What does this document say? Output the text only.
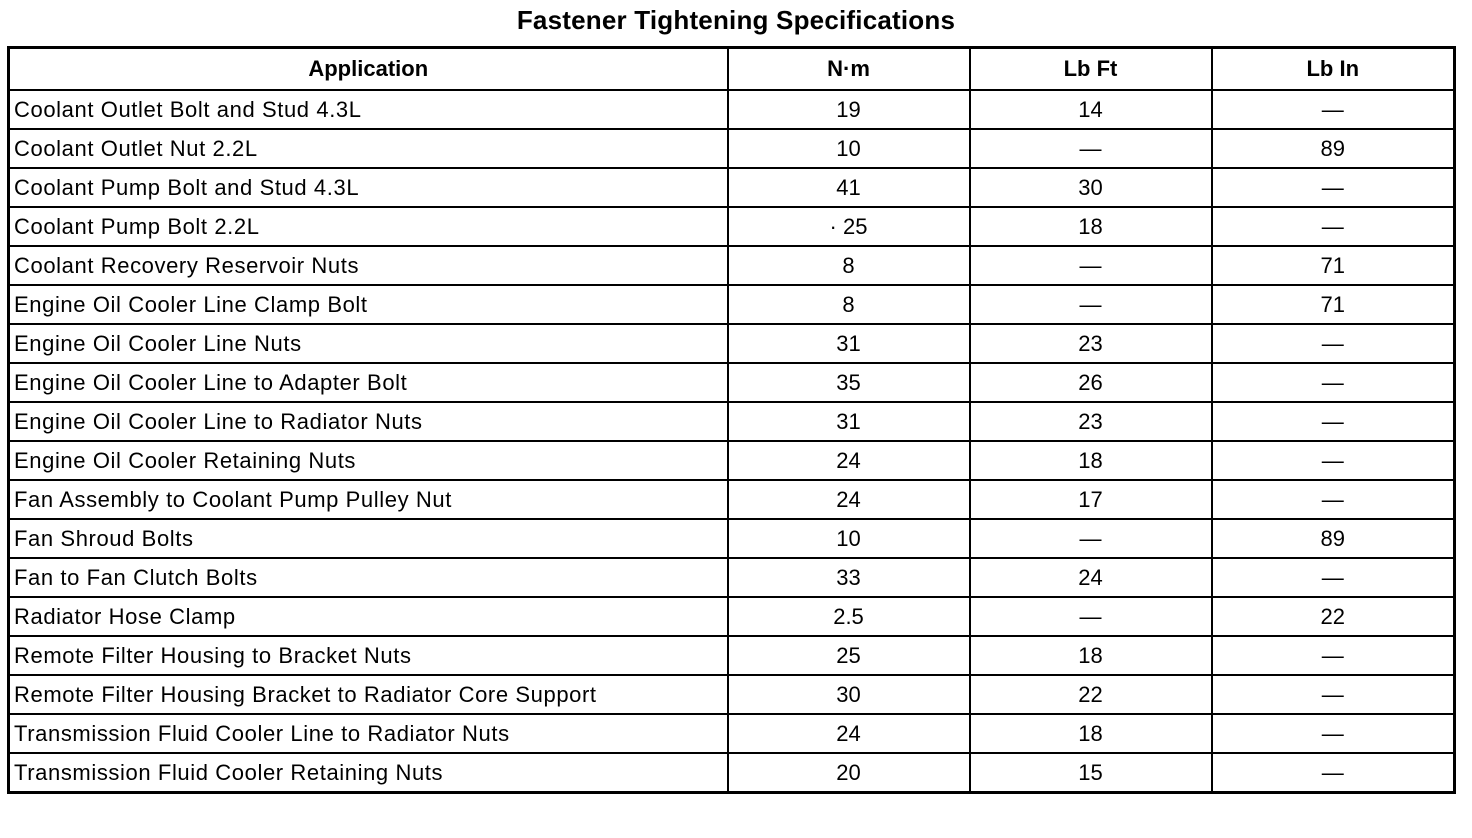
Fastener Tightening Specifications
Application	N·m	Lb Ft	Lb In
Coolant Outlet Bolt and Stud 4.3L	19	14	—
Coolant Outlet Nut 2.2L	10	—	89
Coolant Pump Bolt and Stud 4.3L	41	30	—
Coolant Pump Bolt 2.2L	· 25	18	—
Coolant Recovery Reservoir Nuts	8	—	71
Engine Oil Cooler Line Clamp Bolt	8	—	71
Engine Oil Cooler Line Nuts	31	23	—
Engine Oil Cooler Line to Adapter Bolt	35	26	—
Engine Oil Cooler Line to Radiator Nuts	31	23	—
Engine Oil Cooler Retaining Nuts	24	18	—
Fan Assembly to Coolant Pump Pulley Nut	24	17	—
Fan Shroud Bolts	10	—	89
Fan to Fan Clutch Bolts	33	24	—
Radiator Hose Clamp	2.5	—	22
Remote Filter Housing to Bracket Nuts	25	18	—
Remote Filter Housing Bracket to Radiator Core Support	30	22	—
Transmission Fluid Cooler Line to Radiator Nuts	24	18	—
Transmission Fluid Cooler Retaining Nuts	20	15	—
